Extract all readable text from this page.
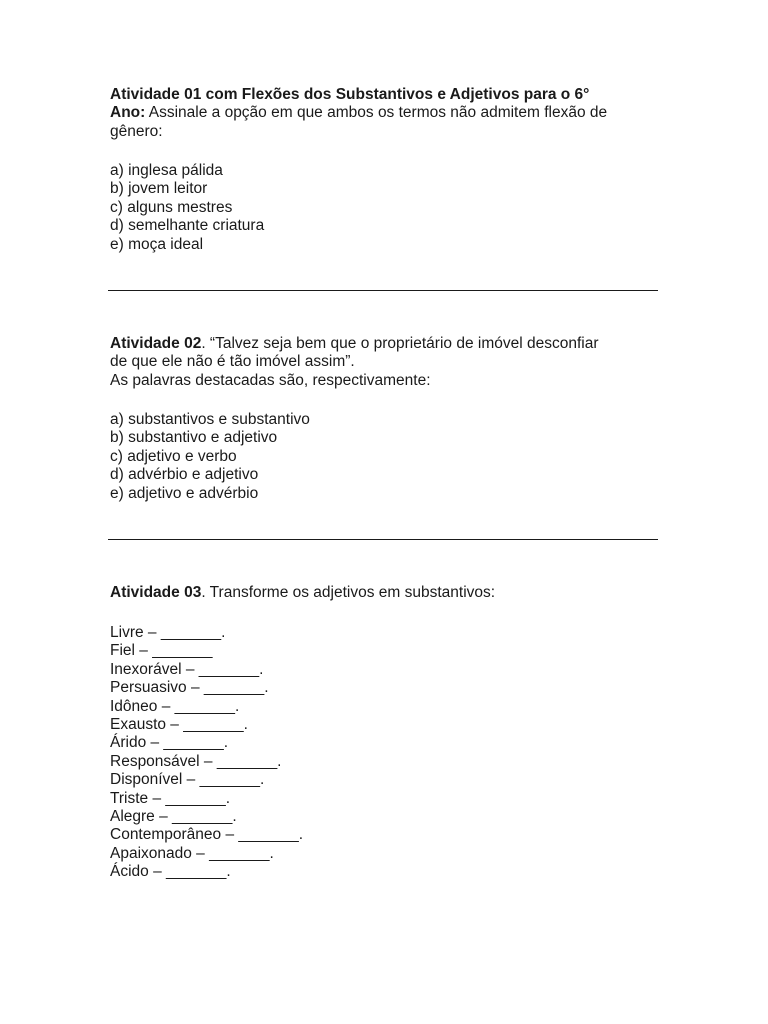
Atividade 01 com Flexões dos Substantivos e Adjetivos para o 6°
Ano: Assinale a opção em que ambos os termos não admitem flexão de
gênero:
a) inglesa pálida
b) jovem leitor
c) alguns mestres
d) semelhante criatura
e) moça ideal
Atividade 02. “Talvez seja bem que o proprietário de imóvel desconfiar
de que ele não é tão imóvel assim”.
As palavras destacadas são, respectivamente:
a) substantivos e substantivo
b) substantivo e adjetivo
c) adjetivo e verbo
d) advérbio e adjetivo
e) adjetivo e advérbio
Atividade 03. Transforme os adjetivos em substantivos:
Livre – _______.
Fiel – _______
Inexorável – _______.
Persuasivo – _______.
Idôneo – _______.
Exausto – _______.
Árido – _______.
Responsável – _______.
Disponível – _______.
Triste – _______.
Alegre – _______.
Contemporâneo – _______.
Apaixonado – _______.
Ácido – _______.
